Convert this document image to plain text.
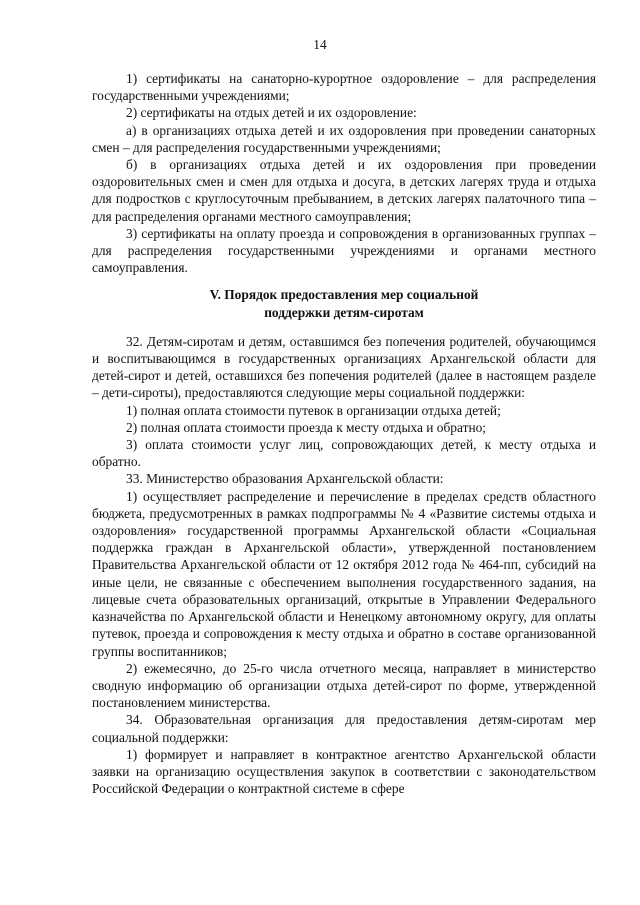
14

1) сертификаты на санаторно-курортное оздоровление – для распределения государственными учреждениями;

2) сертификаты на отдых детей и их оздоровление:

а) в организациях отдыха детей и их оздоровления при проведении санаторных смен – для распределения государственными учреждениями;

б) в организациях отдыха детей и их оздоровления при проведении оздоровительных смен и смен для отдыха и досуга, в детских лагерях труда и отдыха для подростков с круглосуточным пребыванием, в детских лагерях палаточного типа – для распределения органами местного самоуправления;

3) сертификаты на оплату проезда и сопровождения в организованных группах – для распределения государственными учреждениями и органами местного самоуправления.

V. Порядок предоставления мер социальной
поддержки детям-сиротам

32. Детям-сиротам и детям, оставшимся без попечения родителей, обучающимся и воспитывающимся в государственных организациях Архангельской области для детей-сирот и детей, оставшихся без попечения родителей (далее в настоящем разделе – дети-сироты), предоставляются следующие меры социальной поддержки:

1) полная оплата стоимости путевок в организации отдыха детей;

2) полная оплата стоимости проезда к месту отдыха и обратно;

3) оплата стоимости услуг лиц, сопровождающих детей, к месту отдыха и обратно.

33. Министерство образования Архангельской области:

1) осуществляет распределение и перечисление в пределах средств областного бюджета, предусмотренных в рамках подпрограммы № 4 «Развитие системы отдыха и оздоровления» государственной программы Архангельской области «Социальная поддержка граждан в Архангельской области», утвержденной постановлением Правительства Архангельской области от 12 октября 2012 года № 464-пп, субсидий на иные цели, не связанные с обеспечением выполнения государственного задания, на лицевые счета образовательных организаций, открытые в Управлении Федерального казначейства по Архангельской области и Ненецкому автономному округу, для оплаты путевок, проезда и сопровождения к месту отдыха и обратно в составе организованной группы воспитанников;

2) ежемесячно, до 25-го числа отчетного месяца, направляет в министерство сводную информацию об организации отдыха детей-сирот по форме, утвержденной постановлением министерства.

34. Образовательная организация для предоставления детям-сиротам мер социальной поддержки:

1) формирует и направляет в контрактное агентство Архангельской области заявки на организацию осуществления закупок в соответствии с законодательством Российской Федерации о контрактной системе в сфере
